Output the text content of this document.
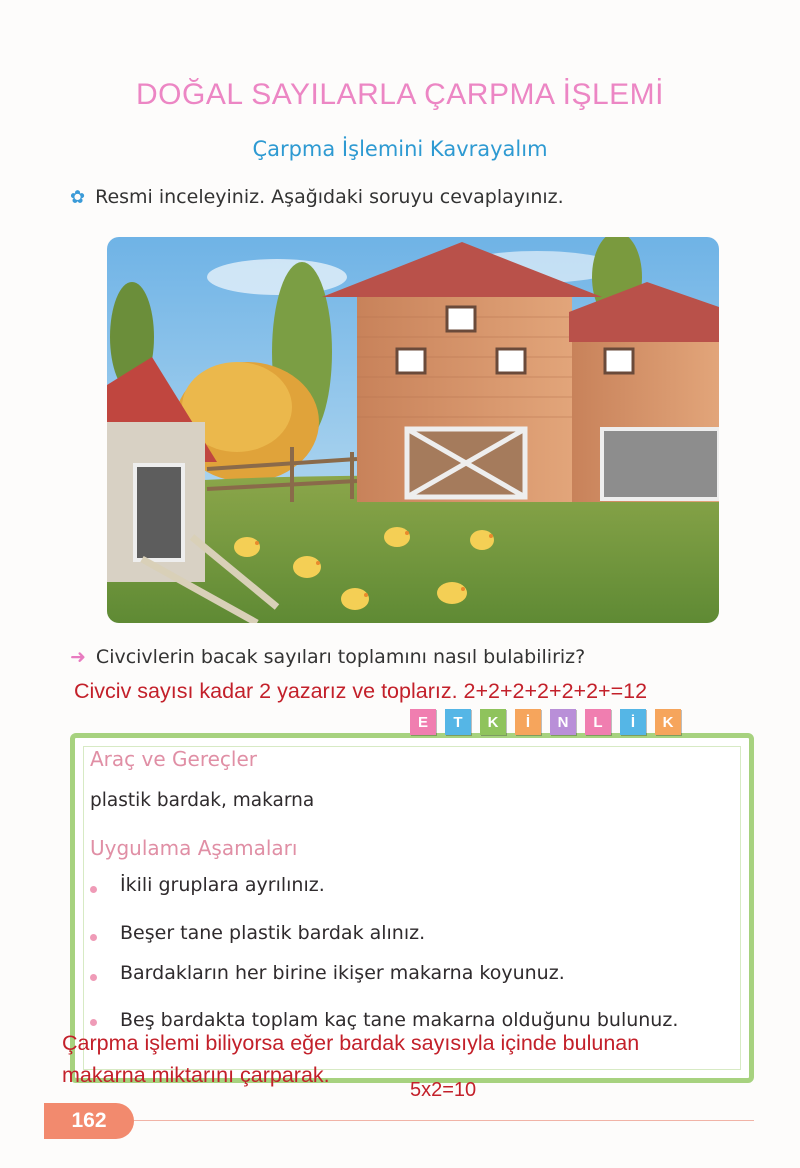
DOĞAL SAYILARLA ÇARPMA İŞLEMİ
Çarpma İşlemini Kavrayalım
✿ Resmi inceleyiniz. Aşağıdaki soruyu cevaplayınız.
➜ Civcivlerin bacak sayıları toplamını nasıl bulabiliriz?
Civciv sayısı kadar 2 yazarız ve toplarız. 2+2+2+2+2+2+=12
E	T	K	İ	N	L	İ	K
Araç ve Gereçler
plastik bardak, makarna
Uygulama Aşamaları
İkili gruplara ayrılınız.
Beşer tane plastik bardak alınız.
Bardakların her birine ikişer makarna koyunuz.
Beş bardakta toplam kaç tane makarna olduğunu bulunuz.
Çarpma işlemi biliyorsa eğer bardak sayısıyla içinde bulunan
makarna miktarını çarparak.
5x2=10
162
